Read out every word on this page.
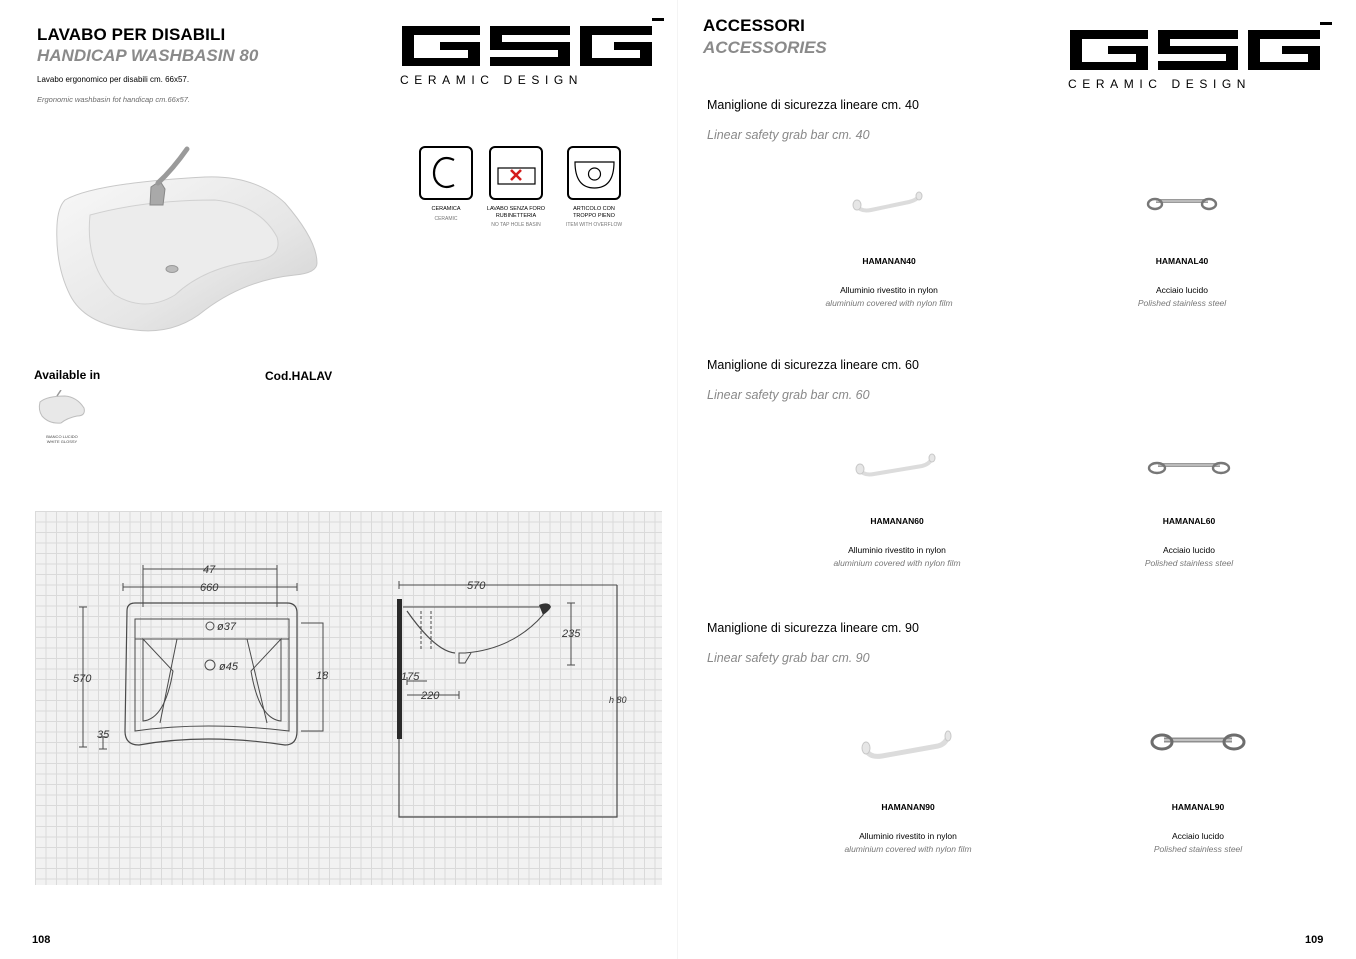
LAVABO PER DISABILI
HANDICAP WASHBASIN 80
Lavabo ergonomico per disabili cm. 66x57.
Ergonomic washbasin fot handicap cm.66x57.
CERAMIC DESIGN
CERAMICA
CERAMIC
LAVABO SENZA FORO RUBINETTERIA
NO TAP HOLE BASIN
ARTICOLO CON TROPPO PIENO
ITEM WITH OVERFLOW
Available in	Cod.HALAV
BIANCO LUCIDO
WHITE GLOSSY
47
660
ø37
ø45
570	18
35
570
235
175
220	h 80
108
ACCESSORI
ACCESSORIES
CERAMIC DESIGN
Maniglione di sicurezza lineare cm. 40
Linear safety grab bar cm. 40
HAMANAN40
Alluminio rivestito in nylon
aluminium covered with nylon film
HAMANAL40
Acciaio lucido
Polished stainless steel
Maniglione di sicurezza lineare cm. 60
Linear safety grab bar cm. 60
HAMANAN60
Alluminio rivestito in nylon
aluminium covered with nylon film
HAMANAL60
Acciaio lucido
Polished stainless steel
Maniglione di sicurezza lineare cm. 90
Linear safety grab bar cm. 90
HAMANAN90
Alluminio rivestito in nylon
aluminium covered with nylon film
HAMANAL90
Acciaio lucido
Polished stainless steel
109
